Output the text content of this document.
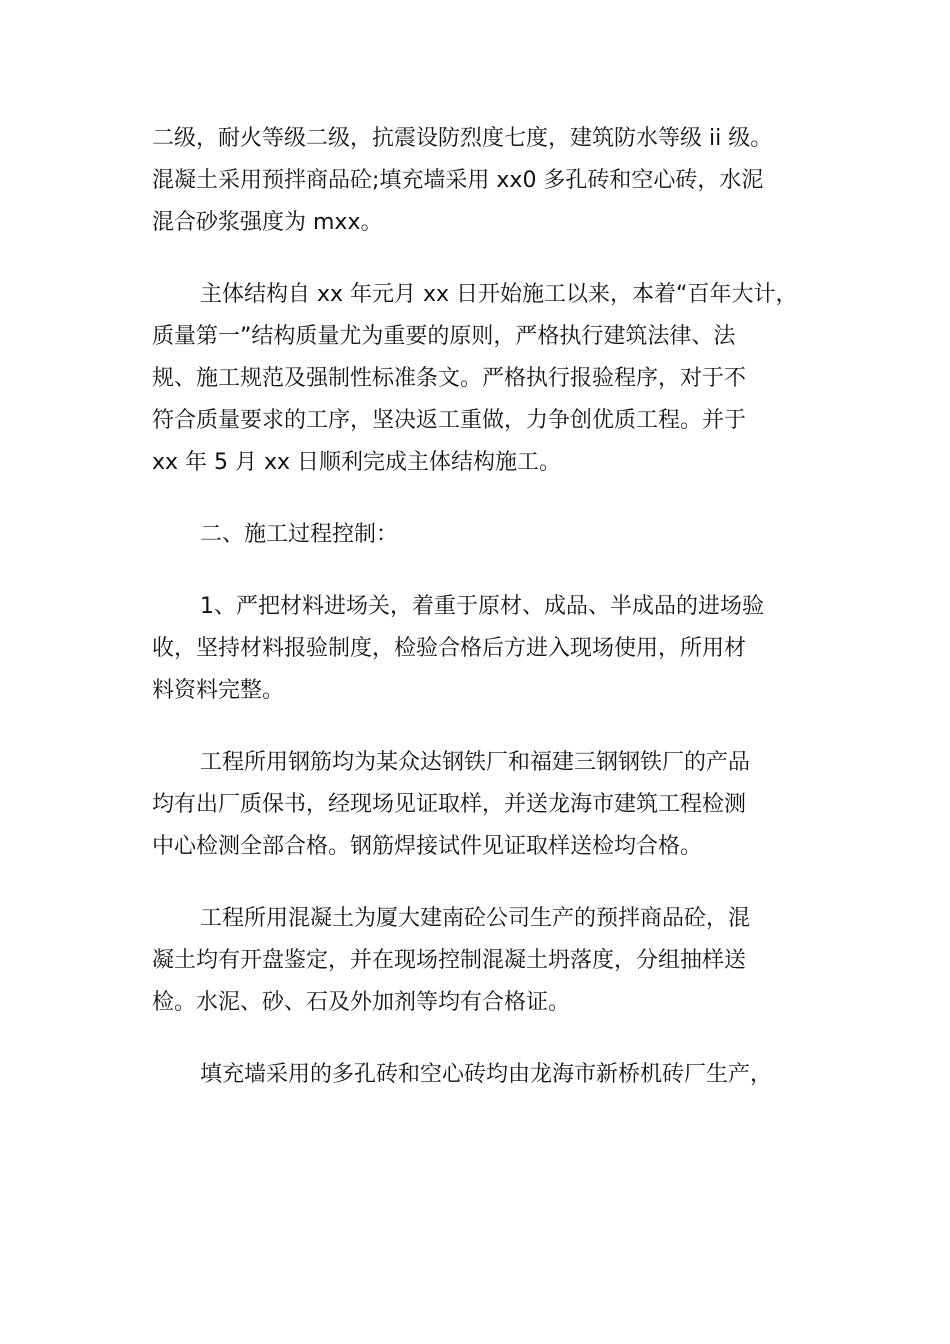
二级，耐火等级二级，抗震设防烈度七度，建筑防水等级 ii 级。
混凝土采用预拌商品砼;填充墙采用 xx0 多孔砖和空心砖，水泥
混合砂浆强度为 mxx。
主体结构自 xx 年元月 xx 日开始施工以来，本着“百年大计，
质量第一”结构质量尤为重要的原则，严格执行建筑法律、法
规、施工规范及强制性标准条文。严格执行报验程序，对于不
符合质量要求的工序，坚决返工重做，力争创优质工程。并于
xx 年 5 月 xx 日顺利完成主体结构施工。
二、施工过程控制：
1、严把材料进场关，着重于原材、成品、半成品的进场验
收，坚持材料报验制度，检验合格后方进入现场使用，所用材
料资料完整。
工程所用钢筋均为某众达钢铁厂和福建三钢钢铁厂的产品
均有出厂质保书，经现场见证取样，并送龙海市建筑工程检测
中心检测全部合格。钢筋焊接试件见证取样送检均合格。
工程所用混凝土为厦大建南砼公司生产的预拌商品砼，混
凝土均有开盘鉴定，并在现场控制混凝土坍落度，分组抽样送
检。水泥、砂、石及外加剂等均有合格证。
填充墙采用的多孔砖和空心砖均由龙海市新桥机砖厂生产，
